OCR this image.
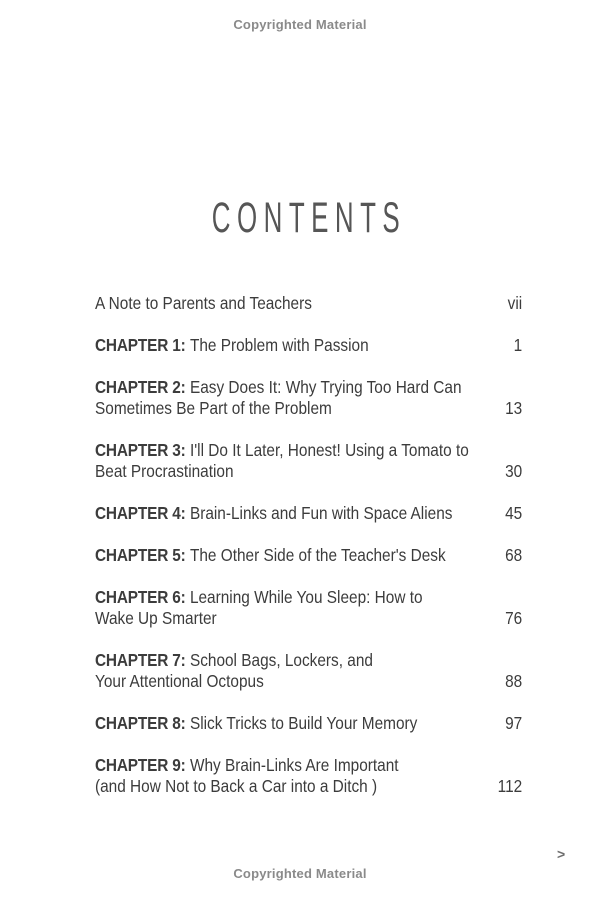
Copyrighted Material
CONTENTS
A Note to Parents and Teachers	vii
CHAPTER 1: The Problem with Passion	1
CHAPTER 2: Easy Does It: Why Trying Too Hard Can
Sometimes Be Part of the Problem	13
CHAPTER 3: I'll Do It Later, Honest! Using a Tomato to
Beat Procrastination	30
CHAPTER 4: Brain-Links and Fun with Space Aliens	45
CHAPTER 5: The Other Side of the Teacher's Desk	68
CHAPTER 6: Learning While You Sleep: How to
Wake Up Smarter	76
CHAPTER 7: School Bags, Lockers, and
Your Attentional Octopus	88
CHAPTER 8: Slick Tricks to Build Your Memory	97
CHAPTER 9: Why Brain-Links Are Important
(and How Not to Back a Car into a Ditch )	112
Copyrighted Material
>
